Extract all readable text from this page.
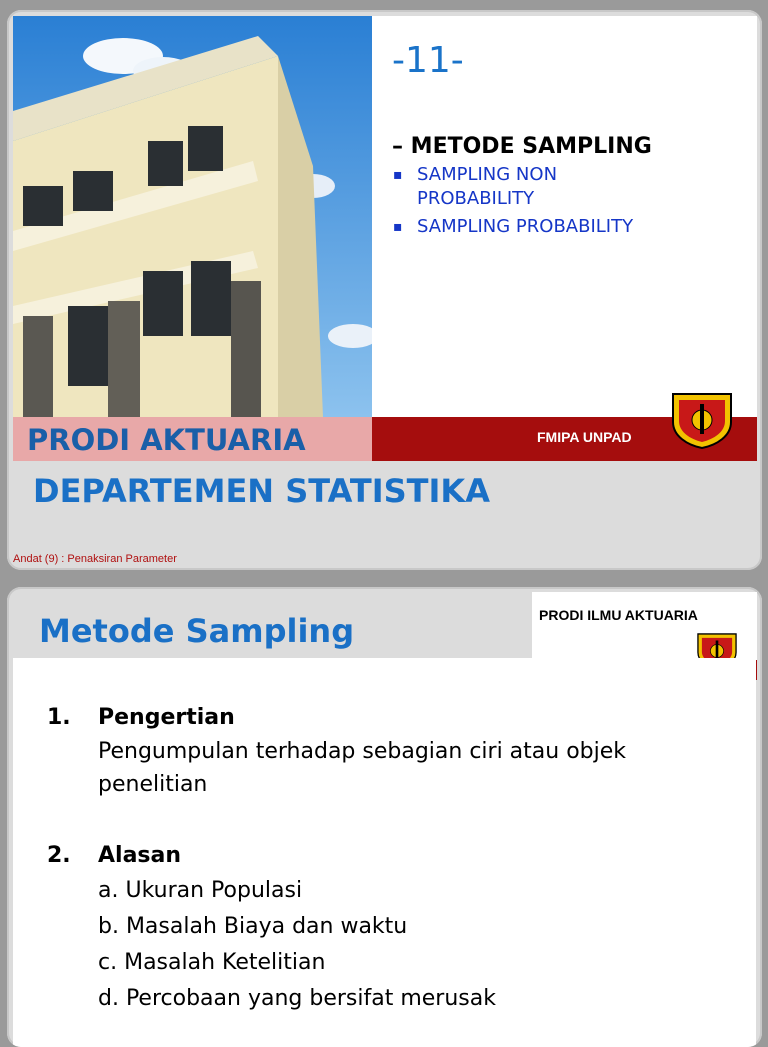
-11-
– METODE SAMPLING
▪ SAMPLING NON
PROBABILITY
▪ SAMPLING PROBABILITY
PRODI AKTUARIA	FMIPA UNPAD
DEPARTEMEN STATISTIKA
Andat (9) : Penaksiran Parameter
Metode Sampling	PRODI ILMU AKTUARIA
1. Pengertian
Pengumpulan terhadap sebagian ciri atau objek
penelitian
2. Alasan
a. Ukuran Populasi
b. Masalah Biaya dan waktu
c. Masalah Ketelitian
d. Percobaan yang bersifat merusak
